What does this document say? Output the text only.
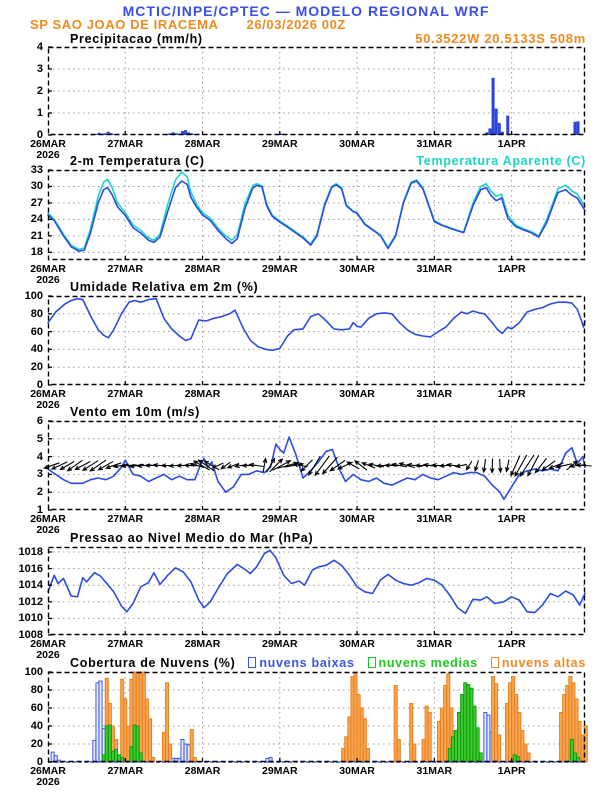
MCTIC/INPE/CPTEC — MODELO REGIONAL WRF
SP SAO JOAO DE IRACEMA 26/03/2026 00Z
Precipitacao (mm/h)	50.3522W 20.5133S 508m
0
1
2
3
4
26MAR
2026
27MAR	28MAR	29MAR	30MAR	31MAR	1APR
2-m Temperatura (C)	Temperatura Aparente (C)
18
21
24
27
30
33
26MAR
2026
27MAR	28MAR	29MAR	30MAR	31MAR	1APR
Umidade Relativa em 2m (%)
0
20
40
60
80
100
26MAR
2026
27MAR	28MAR	29MAR	30MAR	31MAR	1APR
Vento em 10m (m/s)
1
2
3
4
5
6
26MAR
2026
27MAR	28MAR	29MAR	30MAR	31MAR	1APR
Pressao ao Nivel Medio do Mar (hPa)
1008
1010
1012
1014
1016
1018
26MAR
2026
27MAR	28MAR	29MAR	30MAR	31MAR	1APR
Cobertura de Nuvens (%)	nuvens baixas	nuvens medias	nuvens altas
0
20
40
60
80
100
26MAR
2026
27MAR	28MAR	29MAR	30MAR	31MAR	1APR
